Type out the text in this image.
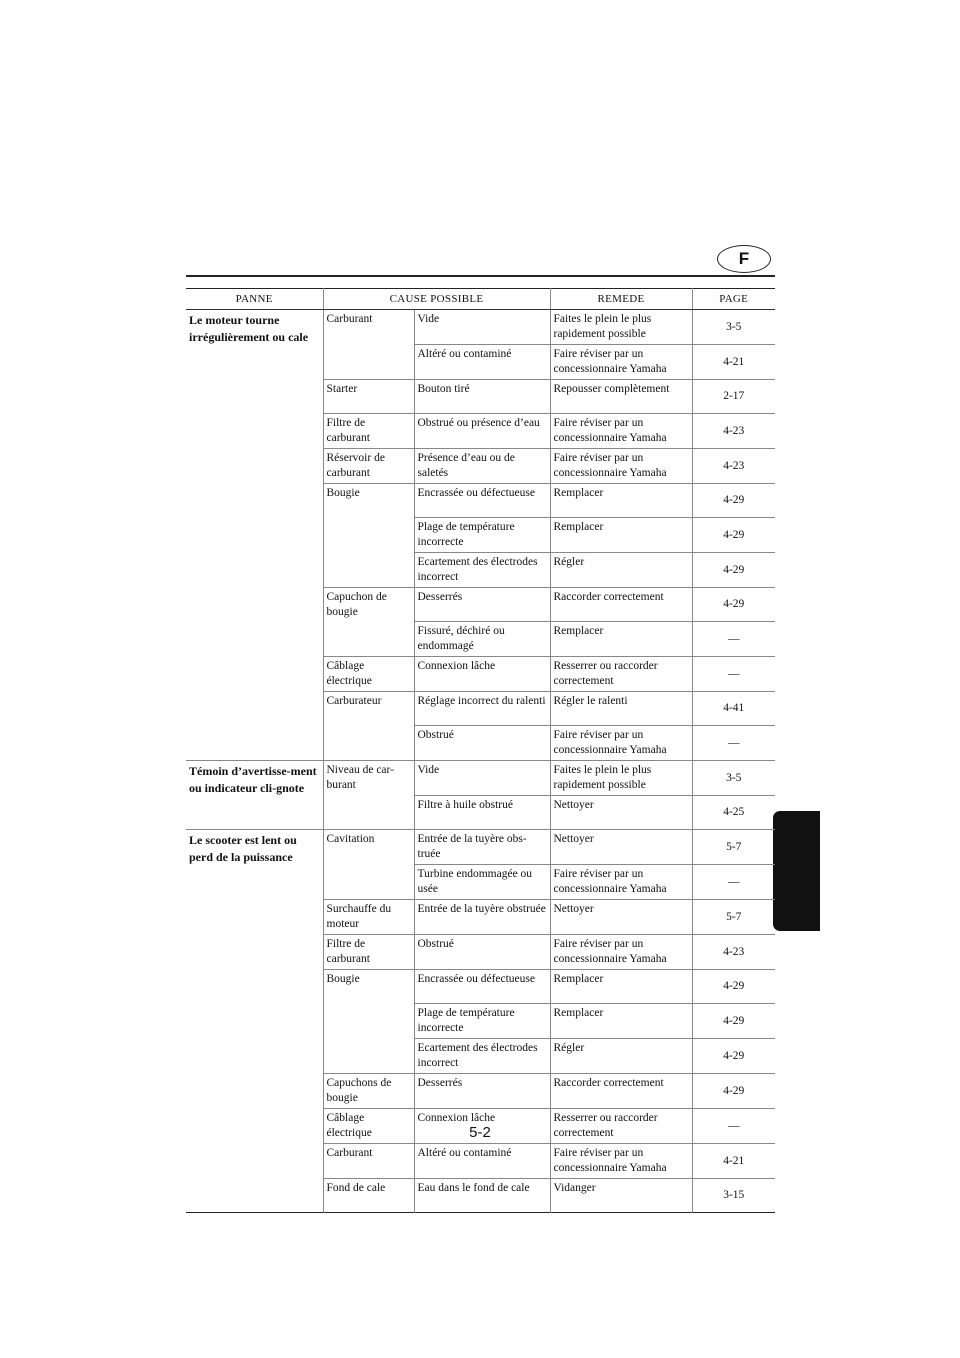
F
PANNE	CAUSE POSSIBLE		REMEDE	PAGE
Le moteur tourne irrégulièrement ou cale	Carburant	Vide	Faites le plein le plus rapidement possible	3-5
		Altéré ou contaminé	Faire réviser par un concessionnaire Yamaha	4-21
	Starter	Bouton tiré	Repousser complètement	2-17
	Filtre de carburant	Obstrué ou présence d’eau	Faire réviser par un concessionnaire Yamaha	4-23
	Réservoir de carburant	Présence d’eau ou de saletés	Faire réviser par un concessionnaire Yamaha	4-23
	Bougie	Encrassée ou défectueuse	Remplacer	4-29
		Plage de température incorrecte	Remplacer	4-29
		Ecartement des électrodes incorrect	Régler	4-29
	Capuchon de bougie	Desserrés	Raccorder correctement	4-29
		Fissuré, déchiré ou endommagé	Remplacer	—
	Câblage électrique	Connexion lâche	Resserrer ou raccorder correctement	—
	Carburateur	Réglage incorrect du ralenti	Régler le ralenti	4-41
		Obstrué	Faire réviser par un concessionnaire Yamaha	—
Témoin d’avertisse-ment ou indicateur cli-gnote	Niveau de car-burant	Vide	Faites le plein le plus rapidement possible	3-5
		Filtre à huile obstrué	Nettoyer	4-25
Le scooter est lent ou perd de la puissance	Cavitation	Entrée de la tuyère obs-truée	Nettoyer	5-7
		Turbine endommagée ou usée	Faire réviser par un concessionnaire Yamaha	—
	Surchauffe du moteur	Entrée de la tuyère obstruée	Nettoyer	5-7
	Filtre de carburant	Obstrué	Faire réviser par un concessionnaire Yamaha	4-23
	Bougie	Encrassée ou défectueuse	Remplacer	4-29
		Plage de température incorrecte	Remplacer	4-29
		Ecartement des électrodes incorrect	Régler	4-29
	Capuchons de bougie	Desserrés	Raccorder correctement	4-29
	Câblage électrique	Connexion lâche	Resserrer ou raccorder correctement	—
	Carburant	Altéré ou contaminé	Faire réviser par un concessionnaire Yamaha	4-21
	Fond de cale	Eau dans le fond de cale	Vidanger	3-15
5-2
